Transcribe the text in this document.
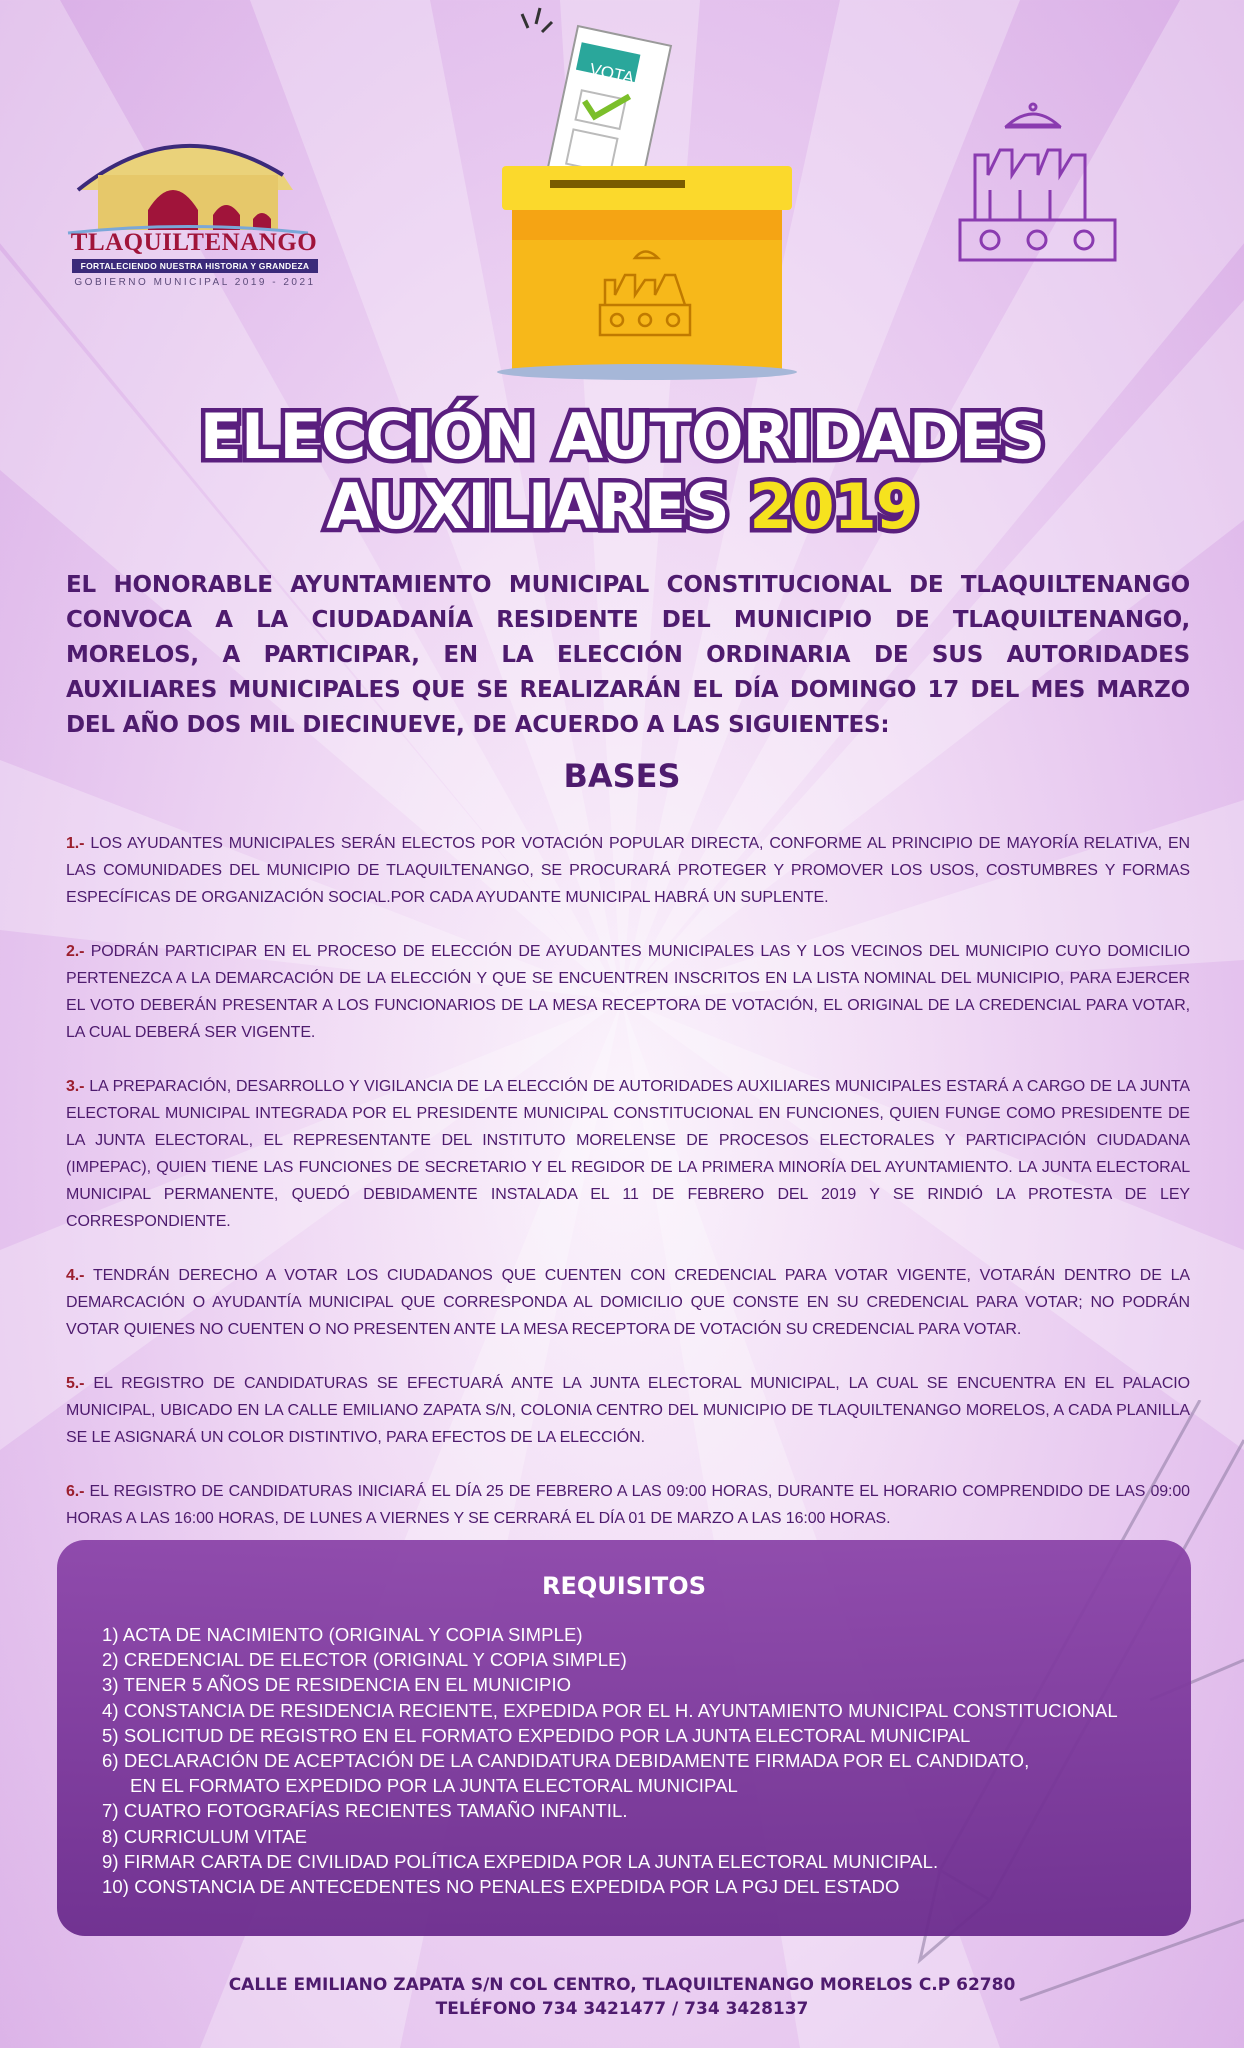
TLAQUILTENANGO
FORTALECIENDO NUESTRA HISTORIA Y GRANDEZA
GOBIERNO MUNICIPAL 2019 - 2021
VOTA
ELECCIÓN AUTORIDADES
AUXILIARES 2019
EL HONORABLE AYUNTAMIENTO MUNICIPAL CONSTITUCIONAL DE TLAQUILTENANGO CONVOCA A LA CIUDADANÍA RESIDENTE DEL MUNICIPIO DE TLAQUILTENANGO, MORELOS, A PARTICIPAR, EN LA ELECCIÓN ORDINARIA DE SUS AUTORIDADES AUXILIARES MUNICIPALES QUE SE REALIZARÁN EL DÍA DOMINGO 17 DEL MES MARZO DEL AÑO DOS MIL DIECINUEVE, DE ACUERDO A LAS SIGUIENTES:
BASES

1.- LOS AYUDANTES MUNICIPALES SERÁN ELECTOS POR VOTACIÓN POPULAR DIRECTA, CONFORME AL PRINCIPIO DE MAYORÍA RELATIVA, EN LAS COMUNIDADES DEL MUNICIPIO DE TLAQUILTENANGO, SE PROCURARÁ PROTEGER Y PROMOVER LOS USOS, COSTUMBRES Y FORMAS ESPECÍFICAS DE ORGANIZACIÓN SOCIAL.POR CADA AYUDANTE MUNICIPAL HABRÁ UN SUPLENTE.

2.- PODRÁN PARTICIPAR EN EL PROCESO DE ELECCIÓN DE AYUDANTES MUNICIPALES LAS Y LOS VECINOS DEL MUNICIPIO CUYO DOMICILIO PERTENEZCA A LA DEMARCACIÓN DE LA ELECCIÓN Y QUE SE ENCUENTREN INSCRITOS EN LA LISTA NOMINAL DEL MUNICIPIO, PARA EJERCER EL VOTO DEBERÁN PRESENTAR A LOS FUNCIONARIOS DE LA MESA RECEPTORA DE VOTACIÓN, EL ORIGINAL DE LA CREDENCIAL PARA VOTAR, LA CUAL DEBERÁ SER VIGENTE.

3.- LA PREPARACIÓN, DESARROLLO Y VIGILANCIA DE LA ELECCIÓN DE AUTORIDADES AUXILIARES MUNICIPALES ESTARÁ A CARGO DE LA JUNTA ELECTORAL MUNICIPAL INTEGRADA POR EL PRESIDENTE MUNICIPAL CONSTITUCIONAL EN FUNCIONES, QUIEN FUNGE COMO PRESIDENTE DE LA JUNTA ELECTORAL, EL REPRESENTANTE DEL INSTITUTO MORELENSE DE PROCESOS ELECTORALES Y PARTICIPACIÓN CIUDADANA (IMPEPAC), QUIEN TIENE LAS FUNCIONES DE SECRETARIO Y EL REGIDOR DE LA PRIMERA MINORÍA DEL AYUNTAMIENTO. LA JUNTA ELECTORAL MUNICIPAL PERMANENTE, QUEDÓ DEBIDAMENTE INSTALADA EL 11 DE FEBRERO DEL 2019 Y SE RINDIÓ LA PROTESTA DE LEY CORRESPONDIENTE.

4.- TENDRÁN DERECHO A VOTAR LOS CIUDADANOS QUE CUENTEN CON CREDENCIAL PARA VOTAR VIGENTE, VOTARÁN DENTRO DE LA DEMARCACIÓN O AYUDANTÍA MUNICIPAL QUE CORRESPONDA AL DOMICILIO QUE CONSTE EN SU CREDENCIAL PARA VOTAR; NO PODRÁN VOTAR QUIENES NO CUENTEN O NO PRESENTEN ANTE LA MESA RECEPTORA DE VOTACIÓN SU CREDENCIAL PARA VOTAR.

5.- EL REGISTRO DE CANDIDATURAS SE EFECTUARÁ ANTE LA JUNTA ELECTORAL MUNICIPAL, LA CUAL SE ENCUENTRA EN EL PALACIO MUNICIPAL, UBICADO EN LA CALLE EMILIANO ZAPATA S/N, COLONIA CENTRO DEL MUNICIPIO DE TLAQUILTENANGO MORELOS, A CADA PLANILLA SE LE ASIGNARÁ UN COLOR DISTINTIVO, PARA EFECTOS DE LA ELECCIÓN.

6.- EL REGISTRO DE CANDIDATURAS INICIARÁ EL DÍA 25 DE FEBRERO A LAS 09:00 HORAS, DURANTE EL HORARIO COMPRENDIDO DE LAS 09:00 HORAS A LAS 16:00 HORAS, DE LUNES A VIERNES Y SE CERRARÁ EL DÍA 01 DE MARZO A LAS 16:00 HORAS.

REQUISITOS
1) ACTA DE NACIMIENTO (ORIGINAL Y COPIA SIMPLE)
2) CREDENCIAL DE ELECTOR (ORIGINAL Y COPIA SIMPLE)
3) TENER 5 AÑOS DE RESIDENCIA EN EL MUNICIPIO
4) CONSTANCIA DE RESIDENCIA RECIENTE, EXPEDIDA POR EL H. AYUNTAMIENTO MUNICIPAL CONSTITUCIONAL
5) SOLICITUD DE REGISTRO EN EL FORMATO EXPEDIDO POR LA JUNTA ELECTORAL MUNICIPAL
6) DECLARACIÓN DE ACEPTACIÓN DE LA CANDIDATURA DEBIDAMENTE FIRMADA POR EL CANDIDATO,
EN EL FORMATO EXPEDIDO POR LA JUNTA ELECTORAL MUNICIPAL
7) CUATRO FOTOGRAFÍAS RECIENTES TAMAÑO INFANTIL.
8) CURRICULUM VITAE
9) FIRMAR CARTA DE CIVILIDAD POLÍTICA EXPEDIDA POR LA JUNTA ELECTORAL MUNICIPAL.
10) CONSTANCIA DE ANTECEDENTES NO PENALES EXPEDIDA POR LA PGJ DEL ESTADO
CALLE EMILIANO ZAPATA S/N COL CENTRO, TLAQUILTENANGO MORELOS C.P 62780
TELÉFONO 734 3421477 / 734 3428137
